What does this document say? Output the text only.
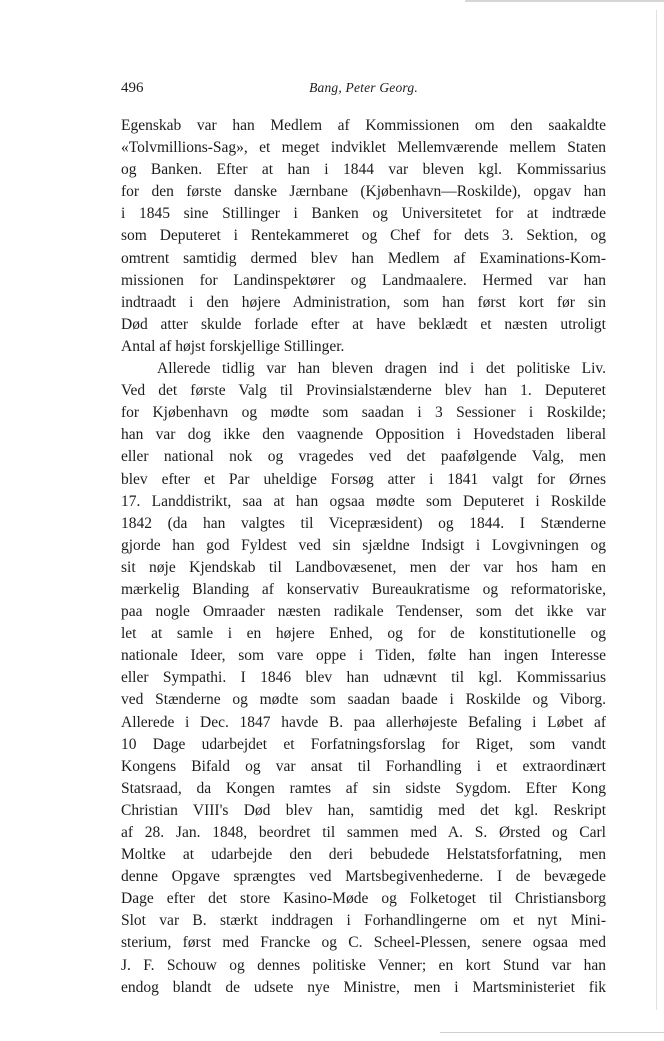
496	Bang, Peter Georg.
Egenskab var han Medlem af Kommissionen om den saakaldte
«Tolvmillions-Sag», et meget indviklet Mellemværende mellem Staten
og Banken. Efter at han i 1844 var bleven kgl. Kommissarius
for den første danske Jærnbane (Kjøbenhavn—Roskilde), opgav han
i 1845 sine Stillinger i Banken og Universitetet for at indtræde
som Deputeret i Rentekammeret og Chef for dets 3. Sektion, og
omtrent samtidig dermed blev han Medlem af Examinations-Kom-
missionen for Landinspektører og Landmaalere. Hermed var han
indtraadt i den højere Administration, som han først kort før sin
Død atter skulde forlade efter at have beklædt et næsten utroligt
Antal af højst forskjellige Stillinger.
Allerede tidlig var han bleven dragen ind i det politiske Liv.
Ved det første Valg til Provinsialstænderne blev han 1. Deputeret
for Kjøbenhavn og mødte som saadan i 3 Sessioner i Roskilde;
han var dog ikke den vaagnende Opposition i Hovedstaden liberal
eller national nok og vragedes ved det paafølgende Valg, men
blev efter et Par uheldige Forsøg atter i 1841 valgt for Ørnes
17. Landdistrikt, saa at han ogsaa mødte som Deputeret i Roskilde
1842 (da han valgtes til Vicepræsident) og 1844. I Stænderne
gjorde han god Fyldest ved sin sjældne Indsigt i Lovgivningen og
sit nøje Kjendskab til Landbovæsenet, men der var hos ham en
mærkelig Blanding af konservativ Bureaukratisme og reformatoriske,
paa nogle Omraader næsten radikale Tendenser, som det ikke var
let at samle i en højere Enhed, og for de konstitutionelle og
nationale Ideer, som vare oppe i Tiden, følte han ingen Interesse
eller Sympathi. I 1846 blev han udnævnt til kgl. Kommissarius
ved Stænderne og mødte som saadan baade i Roskilde og Viborg.
Allerede i Dec. 1847 havde B. paa allerhøjeste Befaling i Løbet af
10 Dage udarbejdet et Forfatningsforslag for Riget, som vandt
Kongens Bifald og var ansat til Forhandling i et extraordinært
Statsraad, da Kongen ramtes af sin sidste Sygdom. Efter Kong
Christian VIII's Død blev han, samtidig med det kgl. Reskript
af 28. Jan. 1848, beordret til sammen med A. S. Ørsted og Carl
Moltke at udarbejde den deri bebudede Helstatsforfatning, men
denne Opgave sprængtes ved Martsbegivenhederne. I de bevægede
Dage efter det store Kasino-Møde og Folketoget til Christiansborg
Slot var B. stærkt inddragen i Forhandlingerne om et nyt Mini-
sterium, først med Francke og C. Scheel-Plessen, senere ogsaa med
J. F. Schouw og dennes politiske Venner; en kort Stund var han
endog blandt de udsete nye Ministre, men i Martsministeriet fik
